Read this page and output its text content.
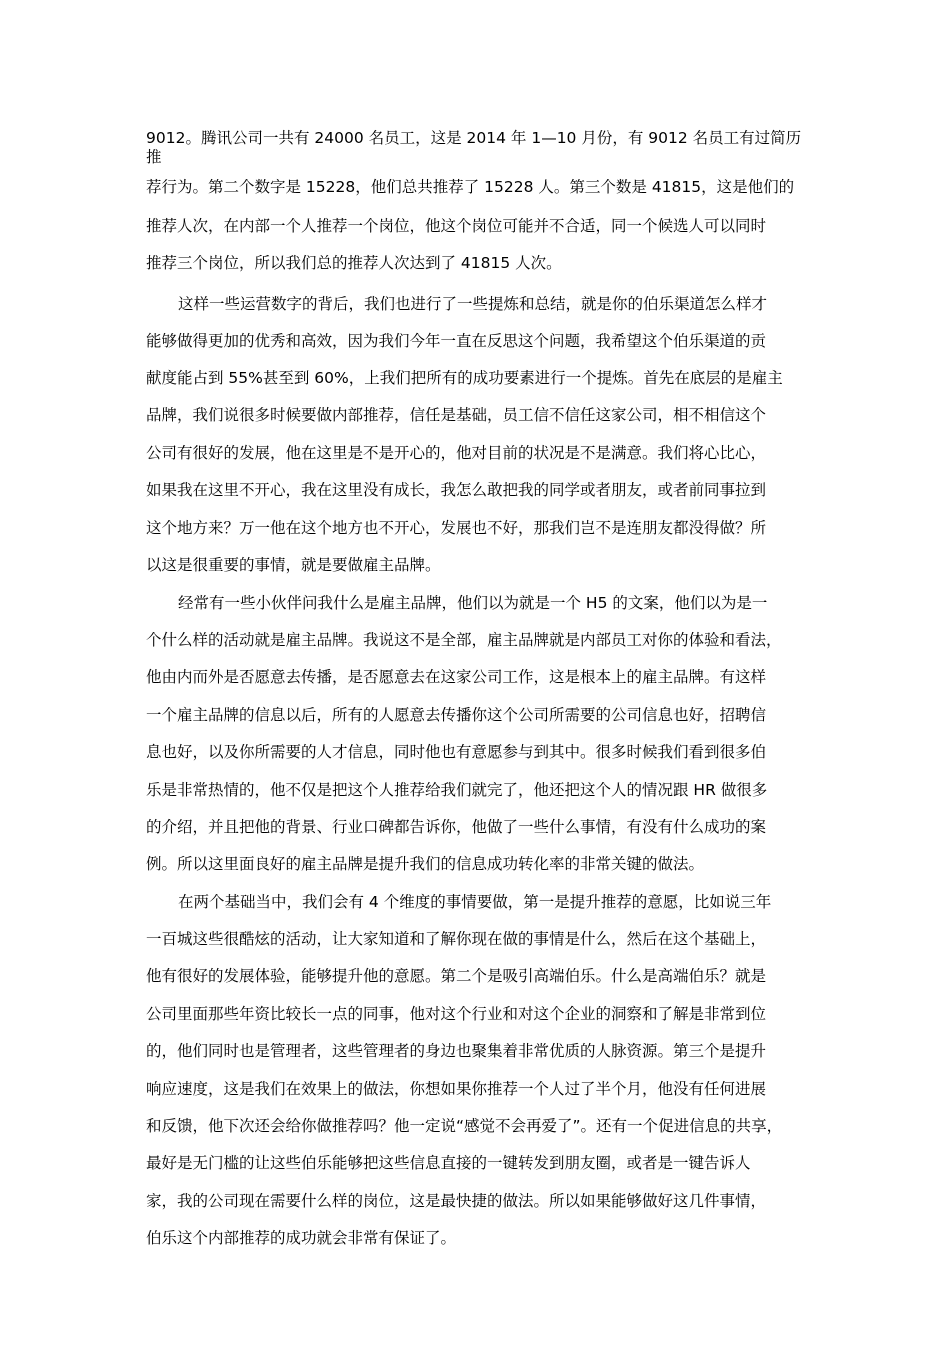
9012。腾讯公司一共有 24000 名员工，这是 2014 年 1—10 月份，有 9012 名员工有过简历
推
荐行为。第二个数字是 15228，他们总共推荐了 15228 人。第三个数是 41815，这是他们的
推荐人次，在内部一个人推荐一个岗位，他这个岗位可能并不合适，同一个候选人可以同时
推荐三个岗位，所以我们总的推荐人次达到了 41815 人次。
这样一些运营数字的背后，我们也进行了一些提炼和总结，就是你的伯乐渠道怎么样才
能够做得更加的优秀和高效，因为我们今年一直在反思这个问题，我希望这个伯乐渠道的贡
献度能占到 55%甚至到 60%，上我们把所有的成功要素进行一个提炼。首先在底层的是雇主
品牌，我们说很多时候要做内部推荐，信任是基础，员工信不信任这家公司，相不相信这个
公司有很好的发展，他在这里是不是开心的，他对目前的状况是不是满意。我们将心比心，
如果我在这里不开心，我在这里没有成长，我怎么敢把我的同学或者朋友，或者前同事拉到
这个地方来？万一他在这个地方也不开心，发展也不好，那我们岂不是连朋友都没得做？所
以这是很重要的事情，就是要做雇主品牌。
经常有一些小伙伴问我什么是雇主品牌，他们以为就是一个 H5 的文案，他们以为是一
个什么样的活动就是雇主品牌。我说这不是全部，雇主品牌就是内部员工对你的体验和看法，
他由内而外是否愿意去传播，是否愿意去在这家公司工作，这是根本上的雇主品牌。有这样
一个雇主品牌的信息以后，所有的人愿意去传播你这个公司所需要的公司信息也好，招聘信
息也好，以及你所需要的人才信息，同时他也有意愿参与到其中。很多时候我们看到很多伯
乐是非常热情的，他不仅是把这个人推荐给我们就完了，他还把这个人的情况跟 HR 做很多
的介绍，并且把他的背景、行业口碑都告诉你，他做了一些什么事情，有没有什么成功的案
例。所以这里面良好的雇主品牌是提升我们的信息成功转化率的非常关键的做法。
在两个基础当中，我们会有 4 个维度的事情要做，第一是提升推荐的意愿，比如说三年
一百城这些很酷炫的活动，让大家知道和了解你现在做的事情是什么，然后在这个基础上，
他有很好的发展体验，能够提升他的意愿。第二个是吸引高端伯乐。什么是高端伯乐？就是
公司里面那些年资比较长一点的同事，他对这个行业和对这个企业的洞察和了解是非常到位
的，他们同时也是管理者，这些管理者的身边也聚集着非常优质的人脉资源。第三个是提升
响应速度，这是我们在效果上的做法，你想如果你推荐一个人过了半个月，他没有任何进展
和反馈，他下次还会给你做推荐吗？他一定说“感觉不会再爱了”。还有一个促进信息的共享，
最好是无门槛的让这些伯乐能够把这些信息直接的一键转发到朋友圈，或者是一键告诉人
家，我的公司现在需要什么样的岗位，这是最快捷的做法。所以如果能够做好这几件事情，
伯乐这个内部推荐的成功就会非常有保证了。
